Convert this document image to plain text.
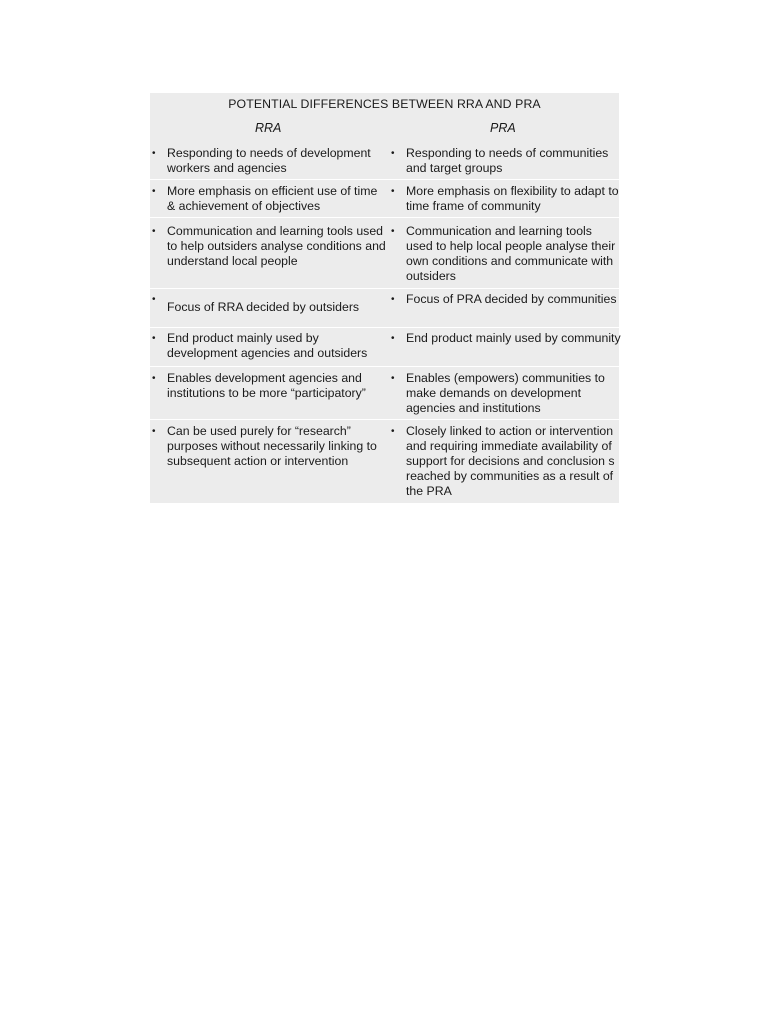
POTENTIAL DIFFERENCES BETWEEN RRA AND PRA
RRA	PRA
• Responding to needs of development workers and agencies
• Responding to needs of communities and target groups
• More emphasis on efficient use of time & achievement of objectives
• More emphasis on flexibility to adapt to time frame of community
• Communication and learning tools used to help outsiders analyse conditions and understand local people
• Communication and learning tools used to help local people analyse their own conditions and communicate with outsiders
•
Focus of RRA decided by outsiders
• Focus of PRA decided by communities
• End product mainly used by development agencies and outsiders
• End product mainly used by community
• Enables development agencies and institutions to be more “participatory”
• Enables (empowers) communities to make demands on development agencies and institutions
• Can be used purely for “research” purposes without necessarily linking to subsequent action or intervention
• Closely linked to action or intervention and requiring immediate availability of support for decisions and conclusion s reached by communities as a result of the PRA
